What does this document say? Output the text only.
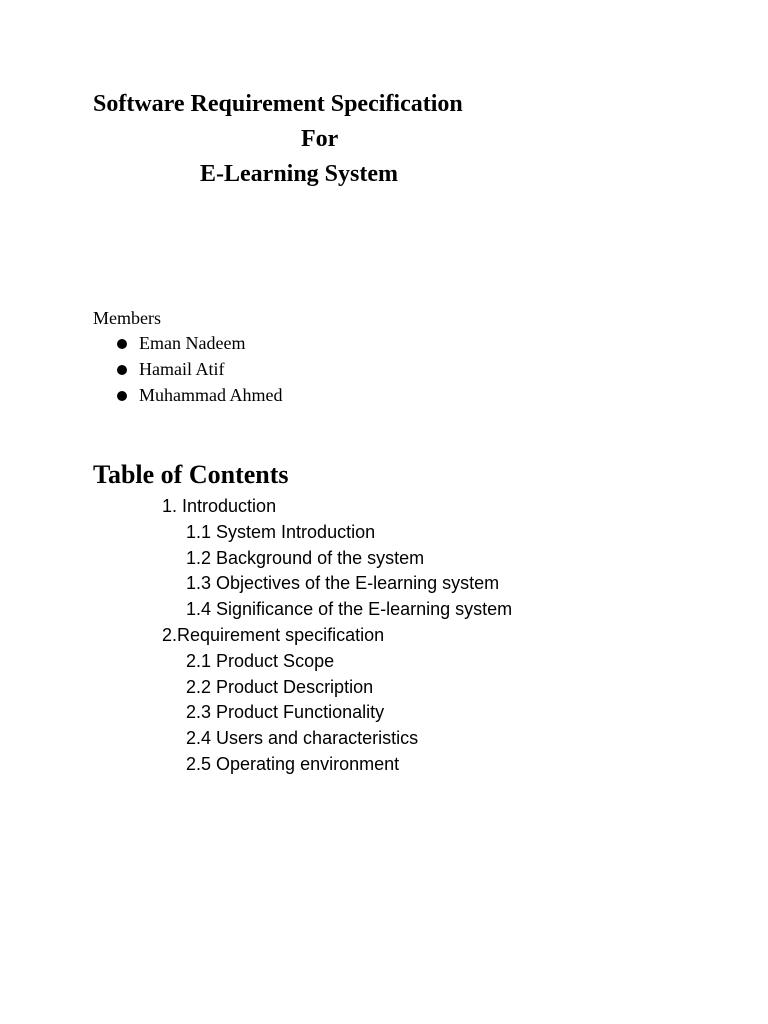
Software Requirement Specification
For
E-Learning System
Members
Eman Nadeem
Hamail Atif
Muhammad Ahmed
Table of Contents
1. Introduction
1.1 System Introduction
1.2 Background of the system
1.3 Objectives of the E-learning system
1.4 Significance of the E-learning system
2.Requirement specification
2.1 Product Scope
2.2 Product Description
2.3 Product Functionality
2.4 Users and characteristics
2.5 Operating environment
